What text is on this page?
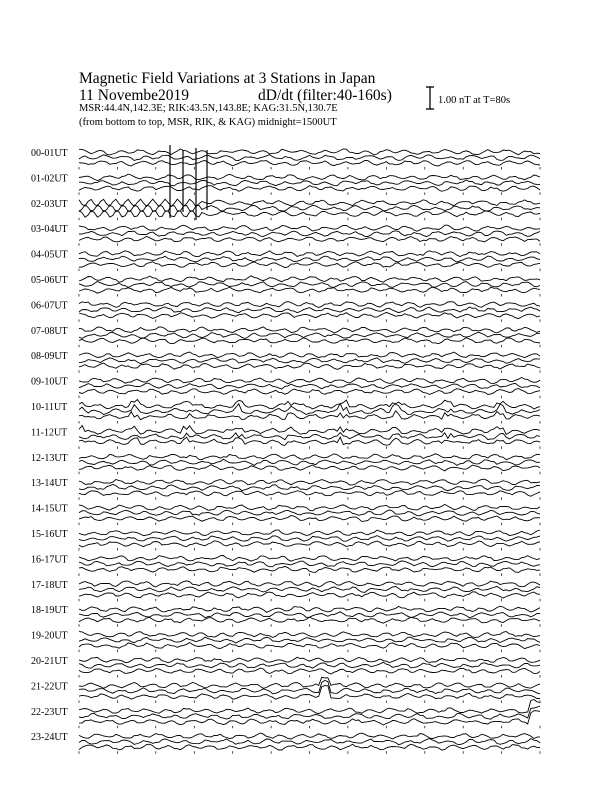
00-01UT
01-02UT
02-03UT
03-04UT
04-05UT
05-06UT
06-07UT
07-08UT
08-09UT
09-10UT
10-11UT
11-12UT
12-13UT
13-14UT
14-15UT
15-16UT
16-17UT
17-18UT
18-19UT
19-20UT
20-21UT
21-22UT
22-23UT
23-24UT
Magnetic Field Variations at 3 Stations in Japan
11 Novembe2019	dD/dt (filter:40-160s)
MSR:44.4N,142.3E; RIK:43.5N,143.8E; KAG:31.5N,130.7E
(from bottom to top, MSR, RIK, & KAG) midnight=1500UT
1.00 nT at T=80s
